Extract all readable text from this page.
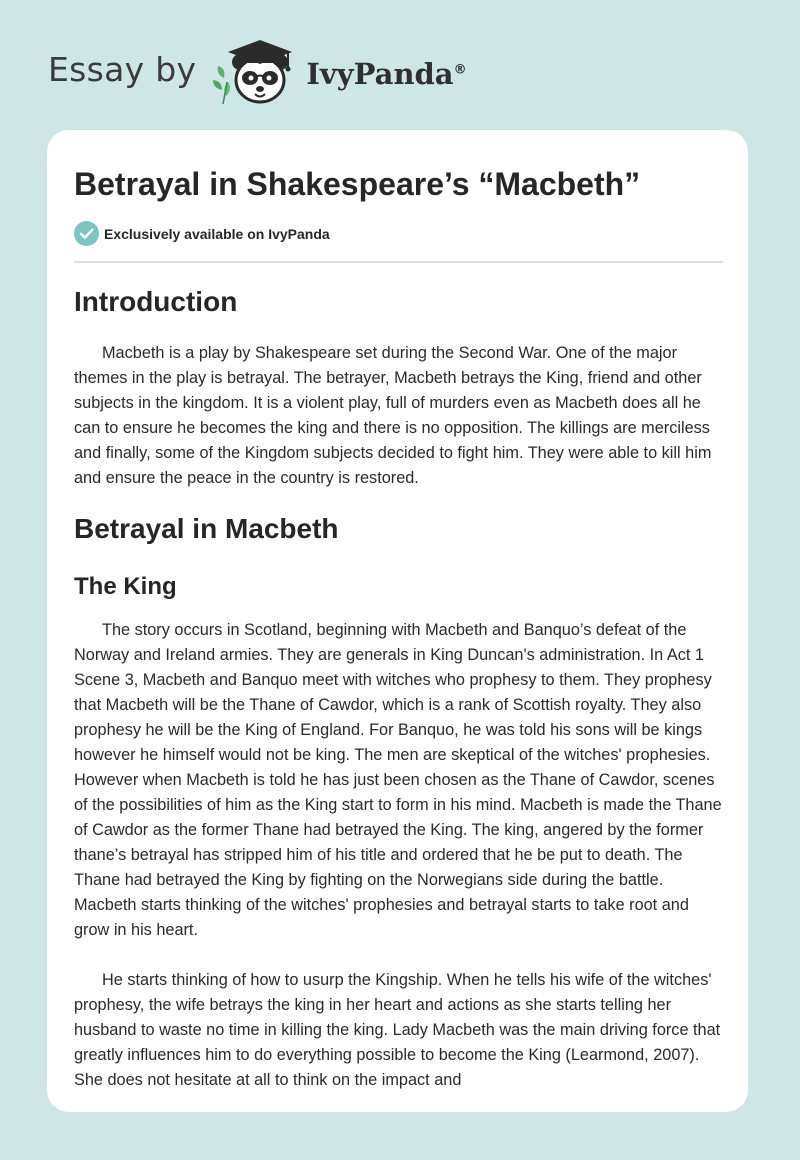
Essay by	IvyPanda®
Betrayal in Shakespeare’s “Macbeth”
Exclusively available on IvyPanda
Introduction

Macbeth is a play by Shakespeare set during the Second War. One of the major themes in the play is betrayal. The betrayer, Macbeth betrays the King, friend and other subjects in the kingdom. It is a violent play, full of murders even as Macbeth does all he can to ensure he becomes the king and there is no opposition. The killings are merciless and finally, some of the Kingdom subjects decided to fight him. They were able to kill him and ensure the peace in the country is restored.

Betrayal in Macbeth
The King

The story occurs in Scotland, beginning with Macbeth and Banquo’s defeat of the Norway and Ireland armies. They are generals in King Duncan's administration. In Act 1 Scene 3, Macbeth and Banquo meet with witches who prophesy to them. They prophesy that Macbeth will be the Thane of Cawdor, which is a rank of Scottish royalty. They also prophesy he will be the King of England. For Banquo, he was told his sons will be kings however he himself would not be king. The men are skeptical of the witches' prophesies. However when Macbeth is told he has just been chosen as the Thane of Cawdor, scenes of the possibilities of him as the King start to form in his mind. Macbeth is made the Thane of Cawdor as the former Thane had betrayed the King. The king, angered by the former thane’s betrayal has stripped him of his title and ordered that he be put to death. The Thane had betrayed the King by fighting on the Norwegians side during the battle. Macbeth starts thinking of the witches' prophesies and betrayal starts to take root and grow in his heart.

He starts thinking of how to usurp the Kingship. When he tells his wife of the witches' prophesy, the wife betrays the king in her heart and actions as she starts telling her husband to waste no time in killing the king. Lady Macbeth was the main driving force that greatly influences him to do everything possible to become the King (Learmond, 2007). She does not hesitate at all to think on the impact and
